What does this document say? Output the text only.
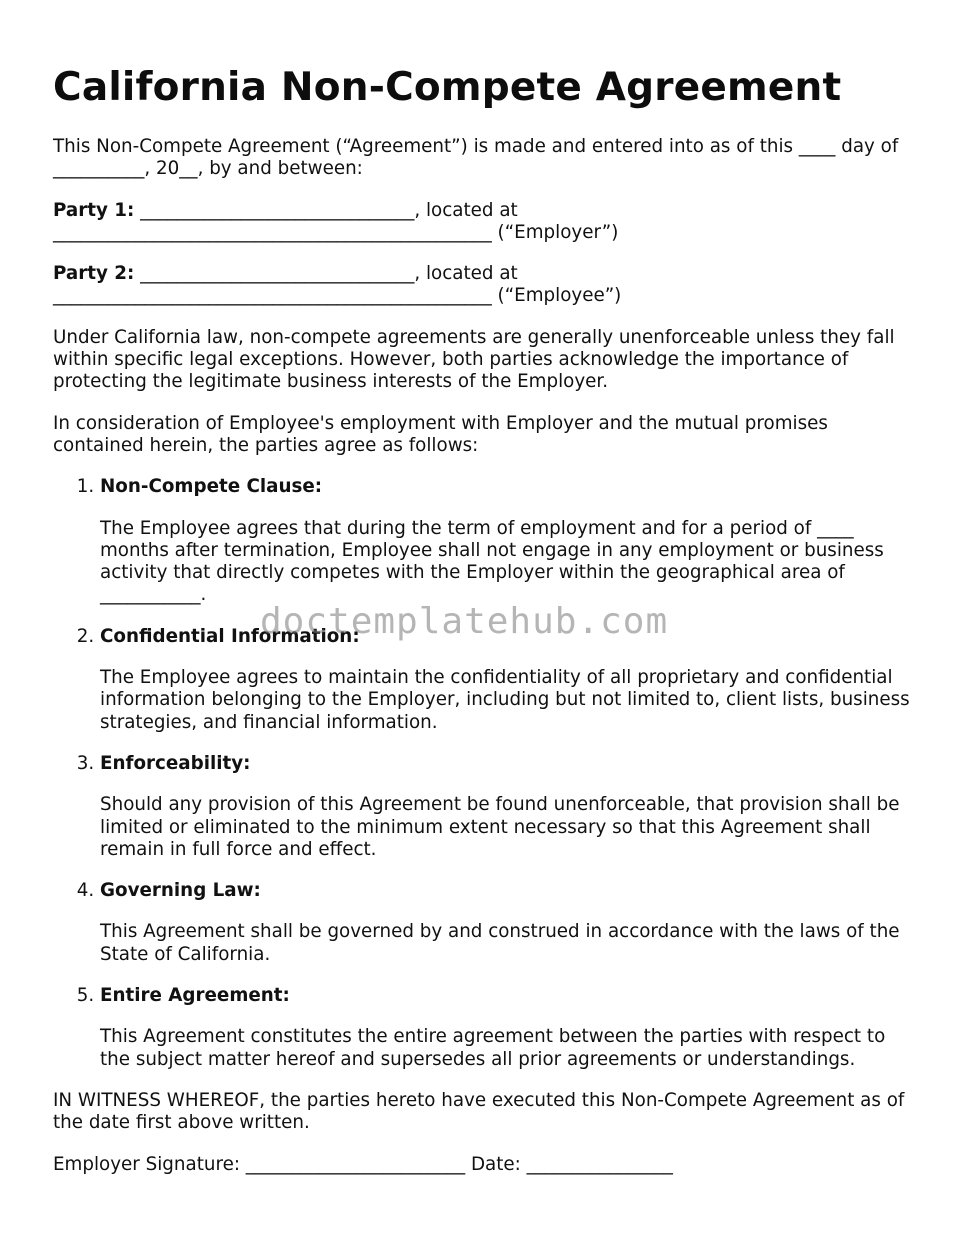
California Non-Compete Agreement

This Non-Compete Agreement (“Agreement”) is made and entered into as of this ____ day of __________, 20__, by and between:

Party 1: ______________________________, located at ________________________________________________ (“Employer”)

Party 2: ______________________________, located at ________________________________________________ (“Employee”)

Under California law, non-compete agreements are generally unenforceable unless they fall within specific legal exceptions. However, both parties acknowledge the importance of protecting the legitimate business interests of the Employer.

In consideration of Employee's employment with Employer and the mutual promises contained herein, the parties agree as follows:

1. Non-Compete Clause:

The Employee agrees that during the term of employment and for a period of ____ months after termination, Employee shall not engage in any employment or business activity that directly competes with the Employer within the geographical area of ___________.

2. Confidential Information:

The Employee agrees to maintain the confidentiality of all proprietary and confidential information belonging to the Employer, including but not limited to, client lists, business strategies, and financial information.

3. Enforceability:

Should any provision of this Agreement be found unenforceable, that provision shall be limited or eliminated to the minimum extent necessary so that this Agreement shall remain in full force and effect.

4. Governing Law:

This Agreement shall be governed by and construed in accordance with the laws of the State of California.

5. Entire Agreement:

This Agreement constitutes the entire agreement between the parties with respect to the subject matter hereof and supersedes all prior agreements or understandings.

IN WITNESS WHEREOF, the parties hereto have executed this Non-Compete Agreement as of the date first above written.

Employer Signature: ________________________ Date: ________________

doctemplatehub.com
